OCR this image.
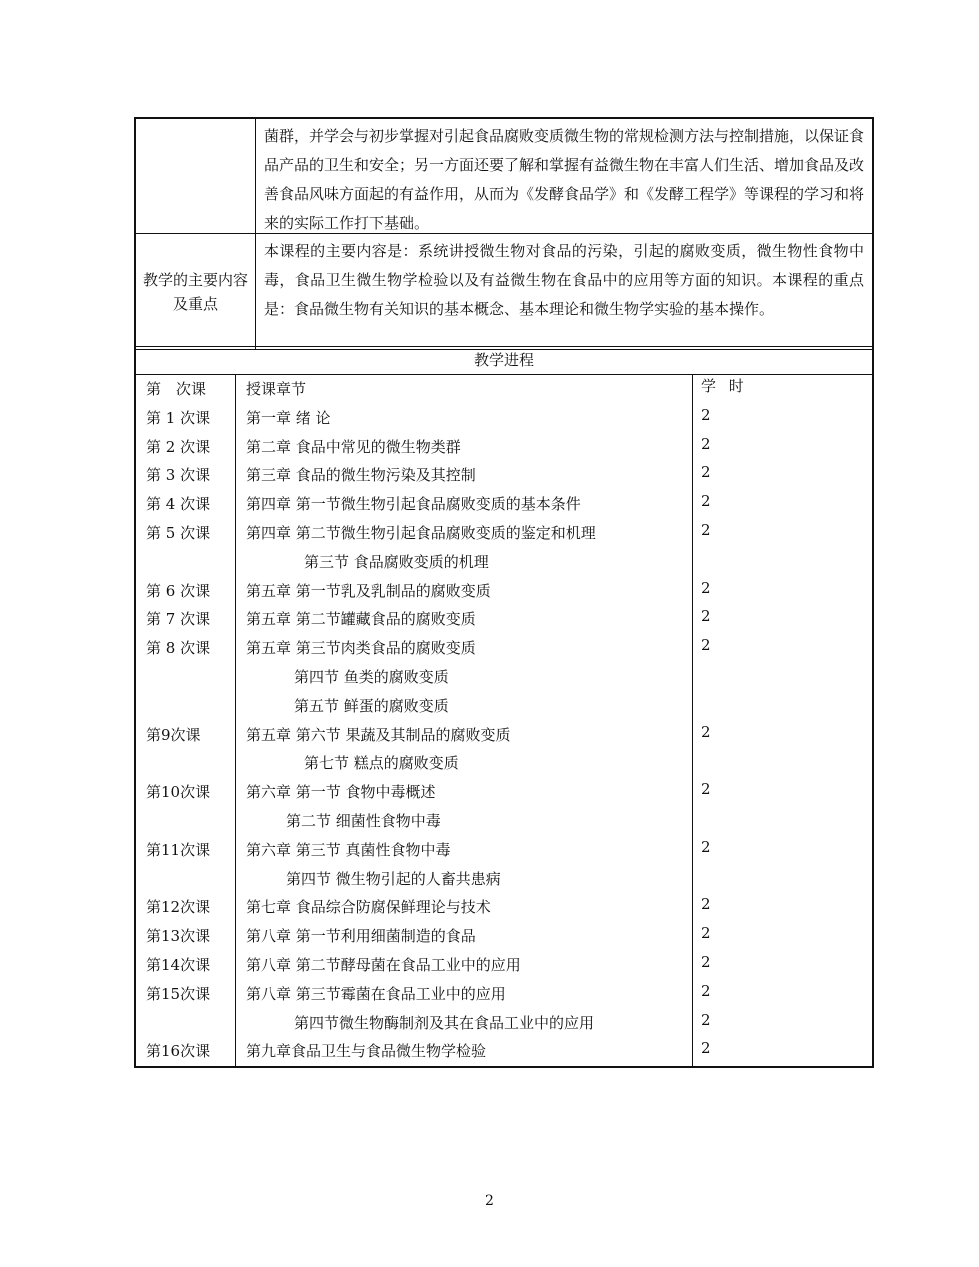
菌群，并学会与初步掌握对引起食品腐败变质微生物的常规检测方法与控制措施，以保证食品产品的卫生和安全；另一方面还要了解和掌握有益微生物在丰富人们生活、增加食品及改善食品风味方面起的有益作用，从而为《发酵食品学》和《发酵工程学》等课程的学习和将来的实际工作打下基础。
教学的主要内容及重点
本课程的主要内容是：系统讲授微生物对食品的污染，引起的腐败变质，微生物性食物中毒，食品卫生微生物学检验以及有益微生物在食品中的应用等方面的知识。本课程的重点是：食品微生物有关知识的基本概念、基本理论和微生物学实验的基本操作。
教学进程
第　次课
第 1 次课
第 2 次课
第 3 次课
第 4 次课
第 5 次课
第 6 次课
第 7 次课
第 8 次课
第9次课
第10次课
第11次课
第12次课
第13次课
第14次课
第15次课
第16次课
授课章节
第一章 绪 论
第二章 食品中常见的微生物类群
第三章 食品的微生物污染及其控制
第四章 第一节微生物引起食品腐败变质的基本条件
第四章 第二节微生物引起食品腐败变质的鉴定和机理
第三节 食品腐败变质的机理
第五章 第一节乳及乳制品的腐败变质
第五章 第二节罐藏食品的腐败变质
第五章 第三节肉类食品的腐败变质
第四节 鱼类的腐败变质
第五节 鲜蛋的腐败变质
第五章 第六节 果蔬及其制品的腐败变质
第七节 糕点的腐败变质
第六章 第一节 食物中毒概述
第二节 细菌性食物中毒
第六章 第三节 真菌性食物中毒
第四节 微生物引起的人畜共患病
第七章 食品综合防腐保鲜理论与技术
第八章 第一节利用细菌制造的食品
第八章 第二节酵母菌在食品工业中的应用
第八章 第三节霉菌在食品工业中的应用
第四节微生物酶制剂及其在食品工业中的应用
第九章食品卫生与食品微生物学检验
学 时
2
2
2
2
2
2
2
2
2
2
2
2
2
2
2
2
2
2
